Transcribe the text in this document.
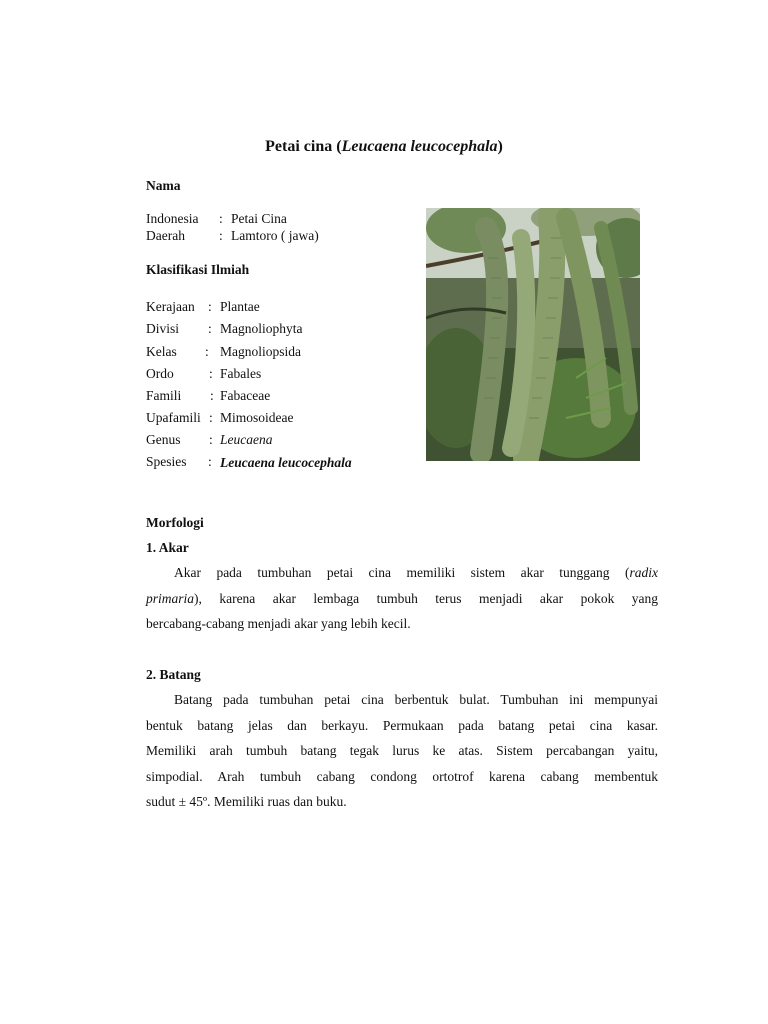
Petai cina (Leucaena leucocephala)
Nama
Indonesia : Petai Cina
Daerah	: Lamtoro ( jawa)
Klasifikasi Ilmiah
Kerajaan : Plantae
Divisi : Magnoliophyta
Kelas : Magnoliopsida
Ordo	: Fabales
Famili : Fabaceae
Upafamili : Mimosoideae
Genus : Leucaena
Spesies : Leucaena leucocephala
Morfologi
1. Akar
Akar pada tumbuhan petai cina memiliki sistem akar tunggang (radix
primaria), karena akar lembaga tumbuh terus menjadi akar pokok yang
bercabang-cabang menjadi akar yang lebih kecil.
2. Batang
Batang pada tumbuhan petai cina berbentuk bulat. Tumbuhan ini mempunyai
bentuk batang jelas dan berkayu. Permukaan pada batang petai cina kasar.
Memiliki arah tumbuh batang tegak lurus ke atas. Sistem percabangan yaitu,
simpodial. Arah tumbuh cabang condong ortotrof karena cabang membentuk
sudut ± 45º. Memiliki ruas dan buku.
